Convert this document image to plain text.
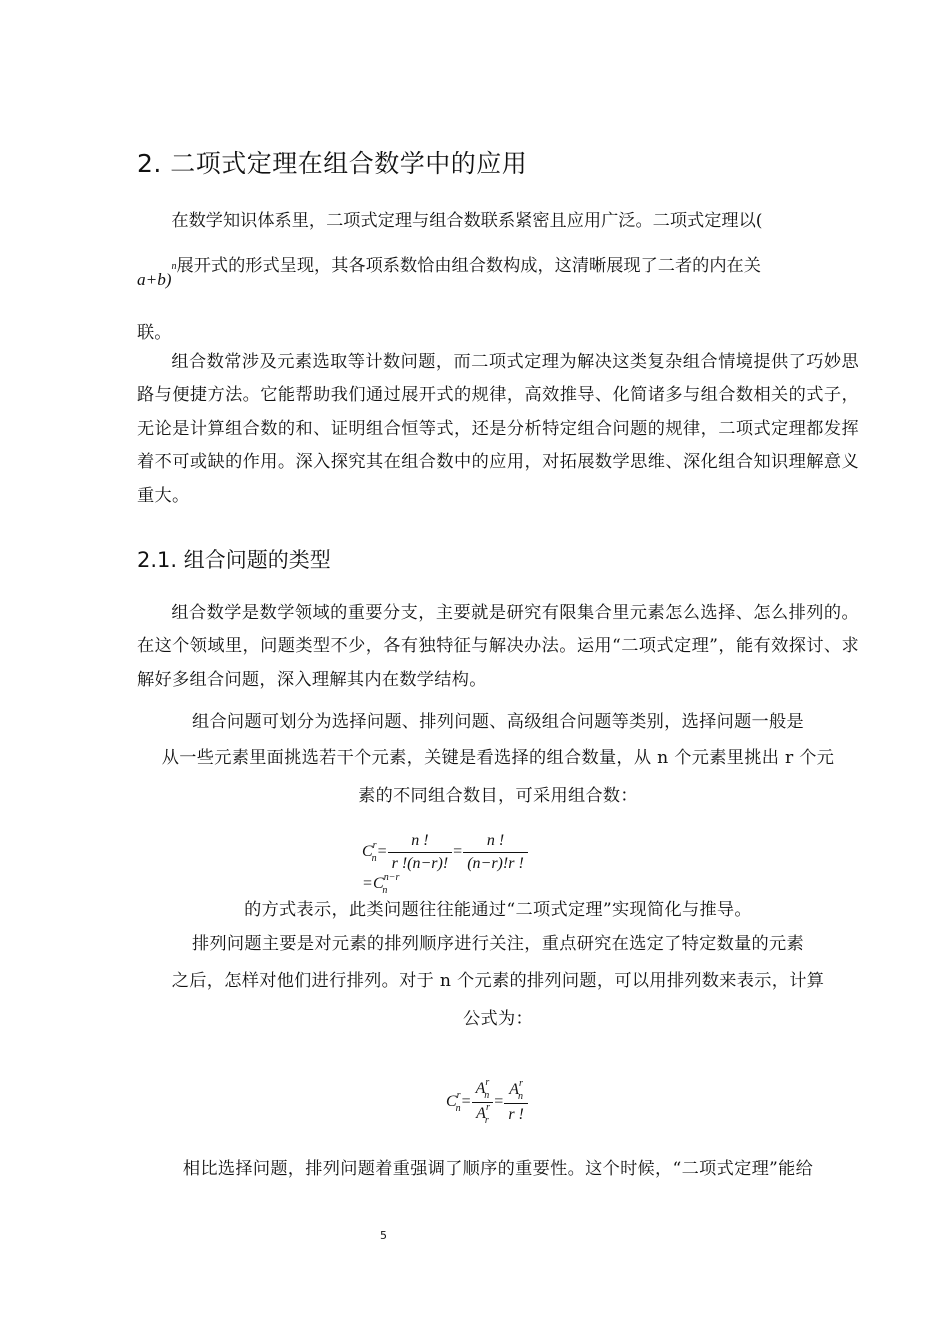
2. 二项式定理在组合数学中的应用

在数学知识体系里，二项式定理与组合数联系紧密且应用广泛。二项式定理以(

a+b)$^n$展开式的形式呈现，其各项系数恰由组合数构成，这清晰展现了二者的内在关

联。

组合数常涉及元素选取等计数问题，而二项式定理为解决这类复杂组合情境提供了巧妙思路与便捷方法。它能帮助我们通过展开式的规律，高效推导、化简诸多与组合数相关的式子，无论是计算组合数的和、证明组合恒等式，还是分析特定组合问题的规律，二项式定理都发挥着不可或缺的作用。深入探究其在组合数中的应用，对拓展数学思维、深化组合知识理解意义重大。

2.1. 组合问题的类型

组合数学是数学领域的重要分支，主要就是研究有限集合里元素怎么选择、怎么排列的。在这个领域里，问题类型不少，各有独特征与解决办法。运用“二项式定理”，能有效探讨、求解好多组合问题，深入理解其内在数学结构。

组合问题可划分为选择问题、排列问题、高级组合问题等类别，选择问题一般是

从一些元素里面挑选若干个元素，关键是看选择的组合数量，从 n 个元素里挑出 r 个元

素的不同组合数目，可采用组合数：

$C^r_n= \frac{n !}{r !(n-r)!} = \frac{n !}{(n-r)!r !}$
$=C^{n-r}_n$

的方式表示，此类问题往往能通过“二项式定理”实现简化与推导。

排列问题主要是对元素的排列顺序进行关注，重点研究在选定了特定数量的元素

之后，怎样对他们进行排列。对于 n 个元素的排列问题，可以用排列数来表示，计算

公式为：

$C^r_n= \frac{A^r_n}{A^r_r} = \frac{A^r_n}{r !}$

相比选择问题，排列问题着重强调了顺序的重要性。这个时候，“二项式定理”能给

5
